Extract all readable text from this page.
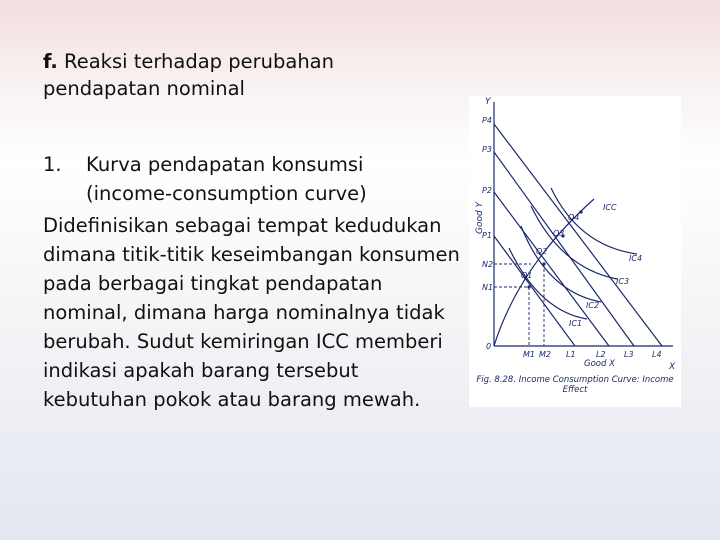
f. Reaksi terhadap perubahan pendapatan nominal
1. Kurva pendapatan konsumsi
(income-consumption curve)

Didefinisikan sebagai tempat kedudukan dimana titik-titik keseimbangan konsumen pada berbagai tingkat pendapatan nominal, dimana harga nominalnya tidak berubah. Sudut kemiringan ICC memberi indikasi apakah barang tersebut kebutuhan pokok atau barang mewah.

Y
X
0
Good Y
Good X
P4
P3
P2
P1
N2
N1
M1 M2 L1	L2 L3 L4
Q1
Q2
Q3
Q4
IC1
IC2
IC3
IC4
ICC
Fig. 8.28. Income Consumption Curve: Income Effect
